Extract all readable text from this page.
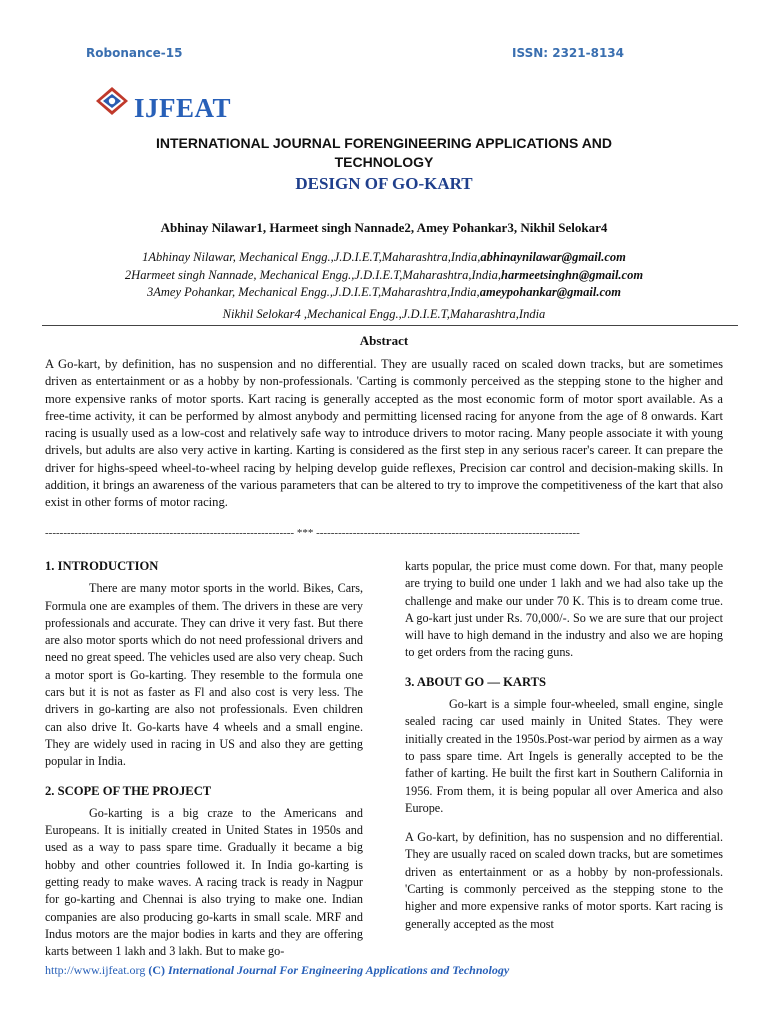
Robonance-15	ISSN: 2321-8134
IJFEAT
INTERNATIONAL JOURNAL FORENGINEERING APPLICATIONS AND
TECHNOLOGY
DESIGN OF GO-KART
Abhinay Nilawar1, Harmeet singh Nannade2, Amey Pohankar3, Nikhil Selokar4
1Abhinay Nilawar, Mechanical Engg.,J.D.I.E.T,Maharashtra,India,abhinaynilawar@gmail.com
2Harmeet singh Nannade, Mechanical Engg.,J.D.I.E.T,Maharashtra,India,harmeetsinghn@gmail.com
3Amey Pohankar, Mechanical Engg.,J.D.I.E.T,Maharashtra,India,ameypohankar@gmail.com
Nikhil Selokar4 ,Mechanical Engg.,J.D.I.E.T,Maharashtra,India
Abstract
A Go-kart, by definition, has no suspension and no differential. They are usually raced on scaled down tracks, but are sometimes driven as entertainment or as a hobby by non-professionals. 'Carting is commonly perceived as the stepping stone to the higher and more expensive ranks of motor sports. Kart racing is generally accepted as the most economic form of motor sport available. As a free-time activity, it can be performed by almost anybody and permitting licensed racing for anyone from the age of 8 onwards. Kart racing is usually used as a low-cost and relatively safe way to introduce drivers to motor racing. Many people associate it with young drivels, but adults are also very active in karting. Karting is considered as the first step in any serious racer's career. It can prepare the driver for highs-speed wheel-to-wheel racing by helping develop guide reflexes, Precision car control and decision-making skills. In addition, it brings an awareness of the various parameters that can be altered to try to improve the competitiveness of the kart that also exist in other forms of motor racing.
-------------------------------------------------------------------- *** ------------------------------------------------------------------------
1. INTRODUCTION

There are many motor sports in the world. Bikes, Cars, Formula one are examples of them. The drivers in these are very professionals and accurate. They can drive it very fast. But there are also motor sports which do not need professional drivers and need no great speed. The vehicles used are also very cheap. Such a motor sport is Go-karting. They resemble to the formula one cars but it is not as faster as Fl and also cost is very less. The drivers in go-karting are also not professionals. Even children can also drive It. Go-karts have 4 wheels and a small engine. They are widely used in racing in US and also they are getting popular in India.

2. SCOPE OF THE PROJECT

Go-karting is a big craze to the Americans and Europeans. It is initially created in United States in 1950s and used as a way to pass spare time. Gradually it became a big hobby and other countries followed it. In India go-karting is getting ready to make waves. A racing track is ready in Nagpur for go-karting and Chennai is also trying to make one. Indian companies are also producing go-karts in small scale. MRF and Indus motors are the major bodies in karts and they are offering karts between 1 lakh and 3 lakh. But to make go-

karts popular, the price must come down. For that, many people are trying to build one under 1 lakh and we had also take up the challenge and make our under 70 K. This is to dream come true. A go-kart just under Rs. 70,000/-. So we are sure that our project will have to high demand in the industry and also we are hoping to get orders from the racing guns.

3. ABOUT GO — KARTS

Go-kart is a simple four-wheeled, small engine, single sealed racing car used mainly in United States. They were initially created in the 1950s.Post-war period by airmen as a way to pass spare time. Art Ingels is generally accepted to be the father of karting. He built the first kart in Southern California in 1956. From them, it is being popular all over America and also Europe.

A Go-kart, by definition, has no suspension and no differential. They are usually raced on scaled down tracks, but are sometimes driven as entertainment or as a hobby by non-professionals. 'Carting is commonly perceived as the stepping stone to the higher and more expensive ranks of motor sports. Kart racing is generally accepted as the most

http://www.ijfeat.org (C) International Journal For Engineering Applications and Technology
